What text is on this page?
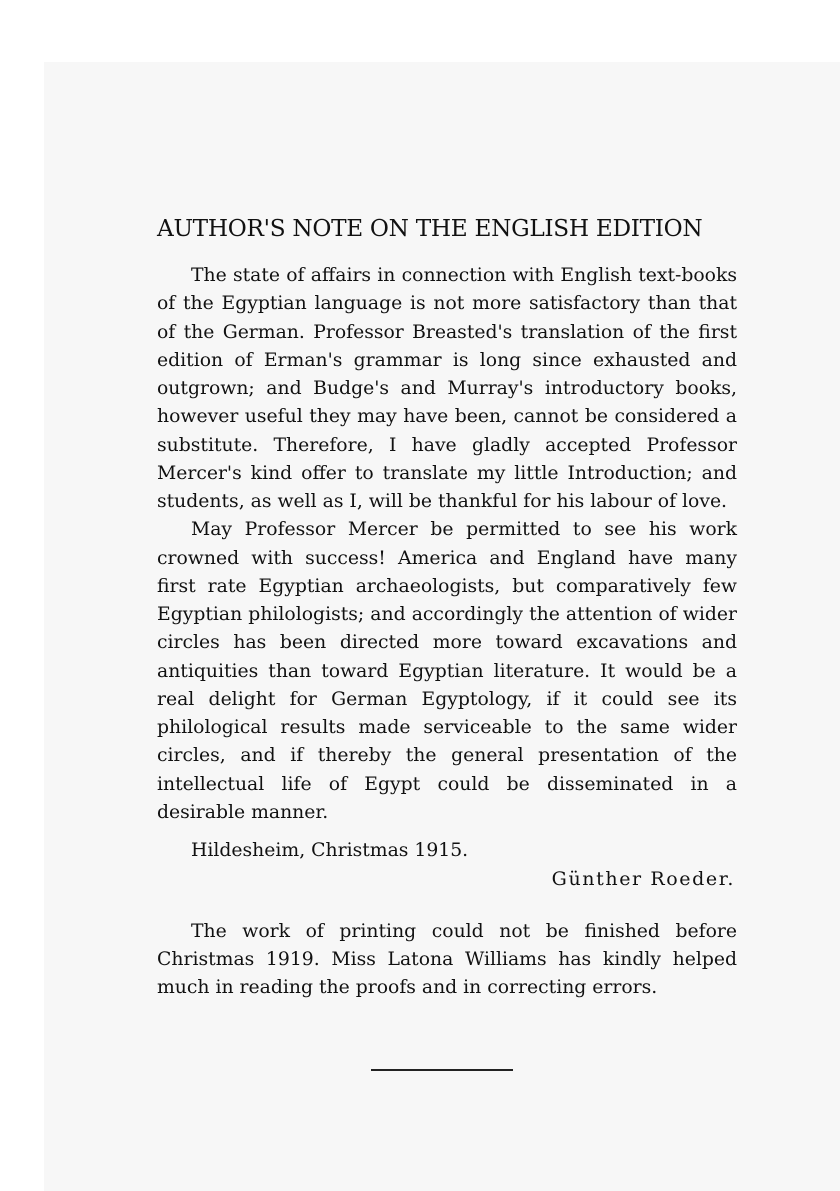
AUTHOR'S NOTE ON THE ENGLISH EDITION

The state of affairs in connection with English text-books of the Egyptian language is not more satisfactory than that of the German. Professor Breasted's translation of the first edition of Erman's grammar is long since exhausted and outgrown; and Budge's and Murray's introductory books, however useful they may have been, cannot be considered a substitute. Therefore, I have gladly accepted Professor Mercer's kind offer to translate my little Introduction; and students, as well as I, will be thankful for his labour of love.

May Professor Mercer be permitted to see his work crowned with success! America and England have many first rate Egyptian archaeologists, but comparatively few Egyptian philologists; and accordingly the attention of wider circles has been directed more toward excavations and antiquities than toward Egyptian literature. It would be a real delight for German Egyptology, if it could see its philological results made serviceable to the same wider circles, and if thereby the general presentation of the intellectual life of Egypt could be disseminated in a desirable manner.

Hildesheim, Christmas 1915.

Günther Roeder.

The work of printing could not be finished before Christmas 1919. Miss Latona Williams has kindly helped much in reading the proofs and in correcting errors.
